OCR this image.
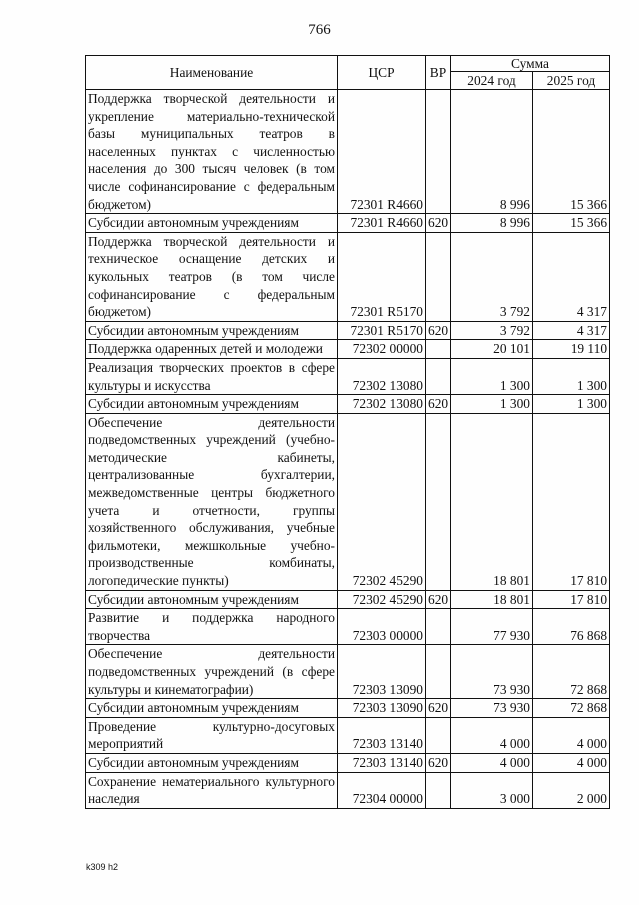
766
Наименование	ЦСР	ВР	Сумма	
			2024 год	2025 год
Поддержка творческой деятельности и укрепление материально-технической базы муниципальных театров в населенных пунктах с численностью населения до 300 тысяч человек (в том числе софинансирование с федеральным бюджетом)	72301 R4660		8 996	15 366
Субсидии автономным учреждениям	72301 R4660	620	8 996	15 366
Поддержка творческой деятельности и техническое оснащение детских и кукольных театров (в том числе софинансирование с федеральным бюджетом)	72301 R5170		3 792	4 317
Субсидии автономным учреждениям	72301 R5170	620	3 792	4 317
Поддержка одаренных детей и молодежи	72302 00000		20 101	19 110
Реализация творческих проектов в сфере культуры и искусства	72302 13080		1 300	1 300
Субсидии автономным учреждениям	72302 13080	620	1 300	1 300
Обеспечение деятельности подведомственных учреждений (учебно-методические кабинеты, централизованные бухгалтерии, межведомственные центры бюджетного учета и отчетности, группы хозяйственного обслуживания, учебные фильмотеки, межшкольные учебно-производственные комбинаты, логопедические пункты)	72302 45290		18 801	17 810
Субсидии автономным учреждениям	72302 45290	620	18 801	17 810
Развитие и поддержка народного творчества	72303 00000		77 930	76 868
Обеспечение деятельности подведомственных учреждений (в сфере культуры и кинематографии)	72303 13090		73 930	72 868
Субсидии автономным учреждениям	72303 13090	620	73 930	72 868
Проведение культурно-досуговых мероприятий	72303 13140		4 000	4 000
Субсидии автономным учреждениям	72303 13140	620	4 000	4 000
Сохранение нематериального культурного наследия	72304 00000		3 000	2 000
k309 h2
